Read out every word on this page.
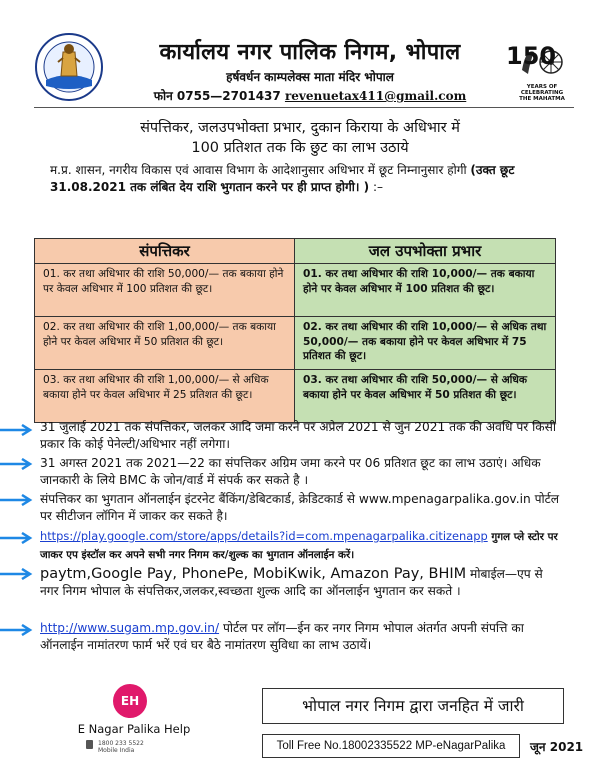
कार्यालय नगर पालिक निगम, भोपाल
हर्षवर्धन काम्पलेक्स माता मंदिर भोपाल
फोन 0755—2701437 revenuetax411@gmail.com
150
YEARS OF
CELEBRATING
THE MAHATMA
संपत्तिकर, जलउपभोक्ता प्रभार, दुकान किराया के अधिभार में
100 प्रतिशत तक कि छुट का लाभ उठाये
म.प्र. शासन, नगरीय विकास एवं आवास विभाग के आदेशानुसार अधिभार में छूट निम्नानुसार होगी (उक्त छूट 31.08.2021 तक लंबित देय राशि भुगतान करने पर ही प्राप्त होगी। ) :–
संपत्तिकर	जल उपभोक्ता प्रभार
01. कर तथा अधिभार की राशि 50,000/— तक बकाया होने पर केवल अधिभार में 100 प्रतिशत की छूट।	01. कर तथा अधिभार की राशि 10,000/— तक बकाया होने पर केवल अधिभार में 100 प्रतिशत की छूट।
02. कर तथा अधिभार की राशि 1,00,000/— तक बकाया होने पर केवल अधिभार में 50 प्रतिशत की छूट।	02. कर तथा अधिभार की राशि 10,000/— से अधिक तथा 50,000/— तक बकाया होने पर केवल अधिभार में 75 प्रतिशत की छूट।
03. कर तथा अधिभार की राशि 1,00,000/— से अधिक बकाया होने पर केवल अधिभार में 25 प्रतिशत की छूट।	03. कर तथा अधिभार की राशि 50,000/— से अधिक बकाया होने पर केवल अधिभार में 50 प्रतिशत की छूट।
31 जुलाई 2021 तक संपत्तिकर, जलकर आदि जमा करने पर अप्रेल 2021 से जुन 2021 तक की अवधि पर किसी प्रकार कि कोई पेनेल्टी/अधिभार नहीं लगेगा।
31 अगस्त 2021 तक 2021—22 का संपत्तिकर अग्रिम जमा करने पर 06 प्रतिशत छूट का लाभ उठाएं। अधिक जानकारी के लिये BMC के जोन/वार्ड में संपर्क कर सकते है ।
संपत्तिकर का भुगतान ऑनलाईन इंटरनेट बैंकिंग/डेबिटकार्ड, क्रेडिटकार्ड से www.mpenagarpalika.gov.in पोर्टल पर सीटीजन लॉगिन में जाकर कर सकते है।
https://play.google.com/store/apps/details?id=com.mpenagarpalika.citizenapp गुगल प्ले स्टोर पर जाकर एप इंस्टॉल कर अपने सभी नगर निगम कर/शुल्क का भुगतान ऑनलाईन करें।
paytm,Google Pay, PhonePe, MobiKwik, Amazon Pay, BHIM मोबाईल—एप से नगर निगम भोपाल के संपत्तिकर,जलकर,स्वच्छता शुल्क आदि का ऑनलाईन भुगतान कर सकते ।
http://www.sugam.mp.gov.in/ पोर्टल पर लॉग—ईन कर नगर निगम भोपाल अंतर्गत अपनी संपत्ति का ऑनलाईन नामांतरण फार्म भरें एवं घर बैठे नामांतरण सुविधा का लाभ उठायें।
EH
E Nagar Palika Help
1800 233 5522
Mobile India
भोपाल नगर निगम द्वारा जनहित में जारी
Toll Free No.18002335522 MP-eNagarPalika	जून 2021
